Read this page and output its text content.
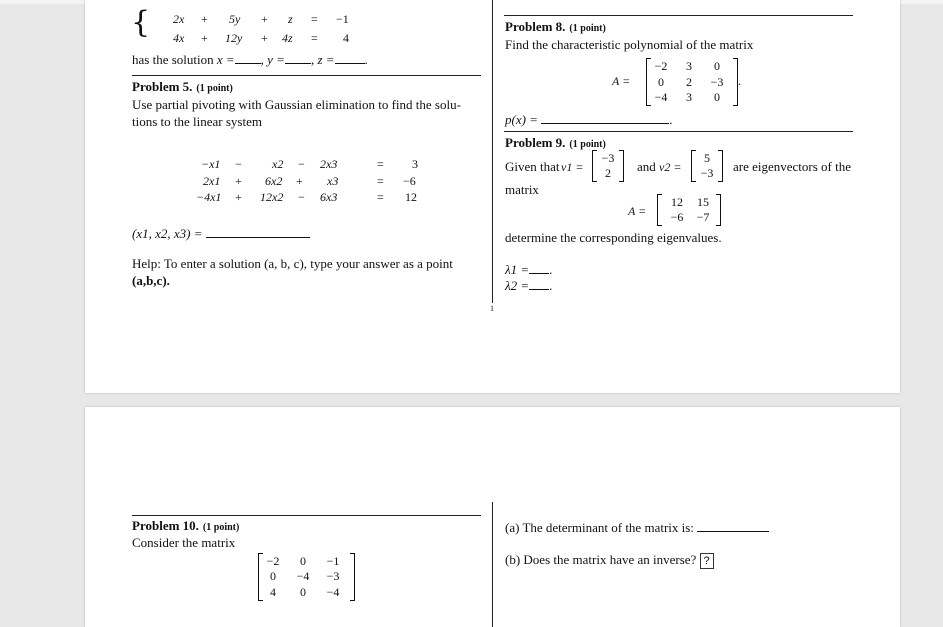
{ 2x + 5y + z = −1
4x + 12y + 4z = 4
has the solution x = , y = , z = .
Problem 5. (1 point)
Use partial pivoting with Gaussian elimination to find the solu-
tions to the linear system
−x1 −	x2 − 2x3	= 3
2x1 + 6x2 + x3	= −6
−4x1 + 12x2 − 6x3	= 12
(x1, x2, x3) =
Help: To enter a solution (a, b, c), type your answer as a point
(a,b,c).
1
Problem 8. (1 point)
Find the characteristic polynomial of the matrix
A =
−2	3	0
0	2	−3
−4	3	0
.
p(x) =	.
Problem 9. (1 point)
Given that v1 =
−3
2	and v2 =
5
−3	are eigenvectors of the
matrix
A =
12	15
−6	−7
determine the corresponding eigenvalues.
λ1 = .
λ2 = .
Problem 10. (1 point)
Consider the matrix
−2	0	−1
0	−4	−3
4	0	−4
(a) The determinant of the matrix is:
(b) Does the matrix have an inverse? ?
